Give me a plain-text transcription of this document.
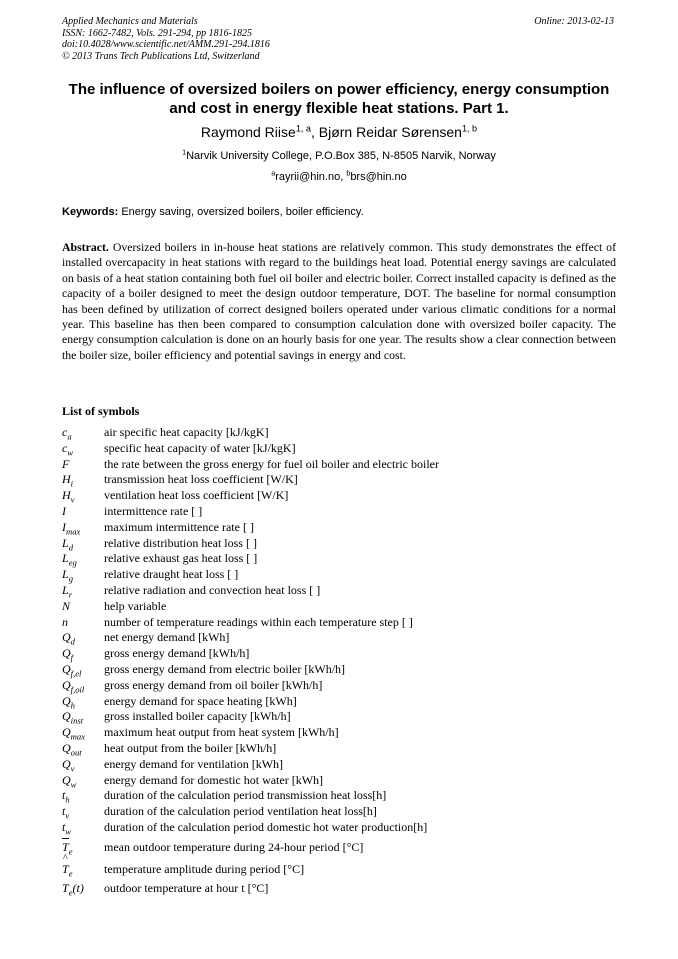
Applied Mechanics and Materials
ISSN: 1662-7482, Vols. 291-294, pp 1816-1825
doi:10.4028/www.scientific.net/AMM.291-294.1816
© 2013 Trans Tech Publications Ltd, Switzerland
Online: 2013-02-13
The influence of oversized boilers on power efficiency, energy consumption and cost in energy flexible heat stations. Part 1.
Raymond Riise$^{1, a}$, Bjørn Reidar Sørensen$^{1, b}$
$^1$Narvik University College, P.O.Box 385, N-8505 Narvik, Norway
$^a$rayrii@hin.no, $^b$brs@hin.no
Keywords: Energy saving, oversized boilers, boiler efficiency.
Abstract. Oversized boilers in in-house heat stations are relatively common. This study demonstrates the effect of installed overcapacity in heat stations with regard to the buildings heat load. Potential energy savings are calculated on basis of a heat station containing both fuel oil boiler and electric boiler. Correct installed capacity is defined as the capacity of a boiler designed to meet the design outdoor temperature, DOT. The baseline for normal consumption has been defined by utilization of correct designed boilers operated under various climatic conditions for a normal year. This baseline has then been compared to consumption calculation done with oversized boiler capacity. The energy consumption calculation is done on an hourly basis for one year. The results show a clear connection between the boiler size, boiler efficiency and potential savings in energy and cost.
List of symbols
$c_a$	air specific heat capacity [kJ/kgK]
$c_w$	specific heat capacity of water [kJ/kgK]
F	the rate between the gross energy for fuel oil boiler and electric boiler
$H_i$	transmission heat loss coefficient [W/K]
$H_v$ ventilation heat loss coefficient [W/K]
I	intermittence rate [ ]
$I_{max}$ maximum intermittence rate [ ]
$L_d$	relative distribution heat loss [ ]
$L_{eg}$ relative exhaust gas heat loss [ ]
$L_g$	relative draught heat loss [ ]
$L_r$	relative radiation and convection heat loss [ ]
N	help variable
n	number of temperature readings within each temperature step [ ]
$Q_d$ net energy demand [kWh]
$Q_f$	gross energy demand [kWh/h]
$Q_{f,el}$ gross energy demand from electric boiler [kWh/h]
$Q_{f,oil}$ gross energy demand from oil boiler [kWh/h]
$Q_h$ energy demand for space heating [kWh]
$Q_{inst}$ gross installed boiler capacity [kWh/h]
$Q_{max}$ maximum heat output from heat system [kWh/h]
$Q_{out}$ heat output from the boiler [kWh/h]
$Q_v$ energy demand for ventilation [kWh]
$Q_w$ energy demand for domestic hot water [kWh]
$t_h$	duration of the calculation period transmission heat loss[h]
$t_v$	duration of the calculation period ventilation heat loss[h]
$t_w$	duration of the calculation period domestic hot water production[h]
T
$_e$	mean outdoor temperature during 24-hour period [°C]
T
^
$_e$	temperature amplitude during period [°C]
$T_e(t)$ outdoor temperature at hour t [°C]
